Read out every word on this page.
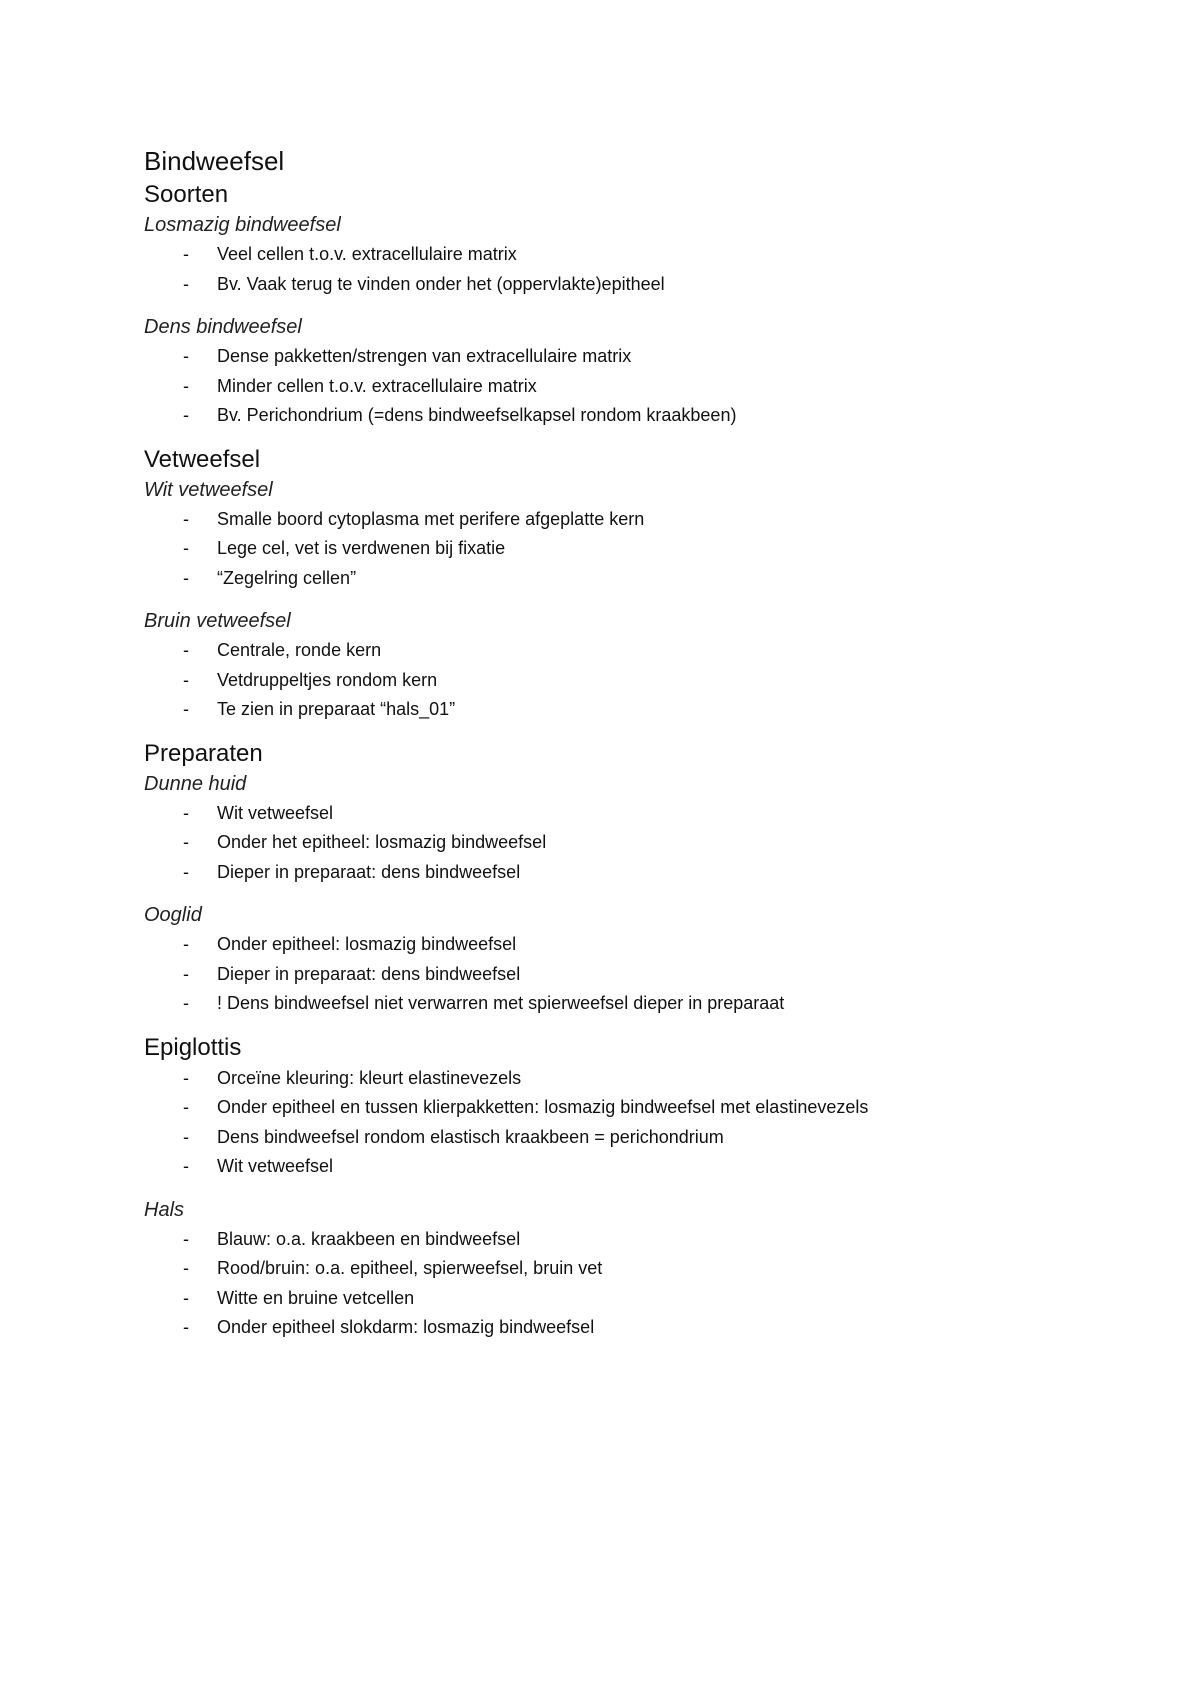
Bindweefsel
Soorten
Losmazig bindweefsel
- Veel cellen t.o.v. extracellulaire matrix
- Bv. Vaak terug te vinden onder het (oppervlakte)epitheel
Dens bindweefsel
- Dense pakketten/strengen van extracellulaire matrix
- Minder cellen t.o.v. extracellulaire matrix
- Bv. Perichondrium (=dens bindweefselkapsel rondom kraakbeen)
Vetweefsel
Wit vetweefsel
- Smalle boord cytoplasma met perifere afgeplatte kern
- Lege cel, vet is verdwenen bij fixatie
- “Zegelring cellen”
Bruin vetweefsel
- Centrale, ronde kern
- Vetdruppeltjes rondom kern
- Te zien in preparaat “hals_01”
Preparaten
Dunne huid
- Wit vetweefsel
- Onder het epitheel: losmazig bindweefsel
- Dieper in preparaat: dens bindweefsel
Ooglid
- Onder epitheel: losmazig bindweefsel
- Dieper in preparaat: dens bindweefsel
- ! Dens bindweefsel niet verwarren met spierweefsel dieper in preparaat
Epiglottis
- Orceïne kleuring: kleurt elastinevezels
- Onder epitheel en tussen klierpakketten: losmazig bindweefsel met elastinevezels
- Dens bindweefsel rondom elastisch kraakbeen = perichondrium
- Wit vetweefsel
Hals
- Blauw: o.a. kraakbeen en bindweefsel
- Rood/bruin: o.a. epitheel, spierweefsel, bruin vet
- Witte en bruine vetcellen
- Onder epitheel slokdarm: losmazig bindweefsel
